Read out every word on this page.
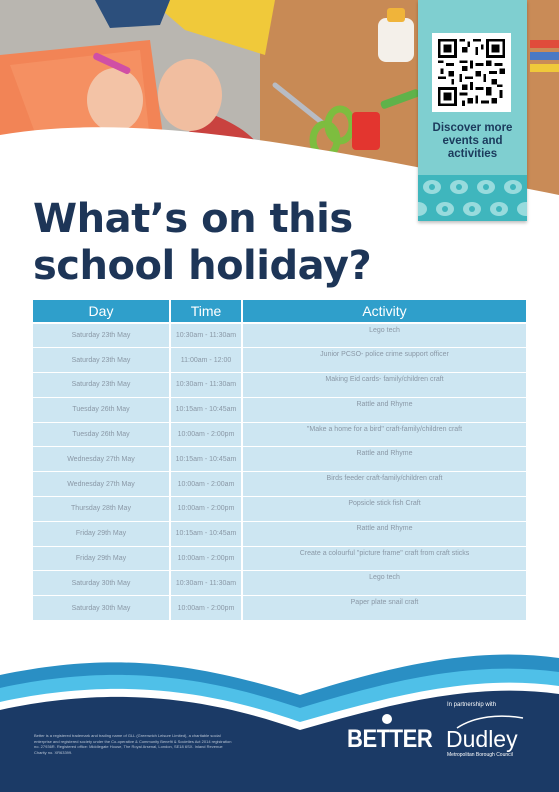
Discover more
events and
activities
What’s on this
school holiday?
Day	Time	Activity
Saturday 23th May	10:30am - 11:30am	Lego tech
Saturday 23th May	11:00am - 12:00	Junior PCSO- police crime support officer
Saturday 23th May	10:30am - 11:30am	Making Eid cards- family/children craft
Tuesday 26th May	10:15am - 10:45am	Rattle and Rhyme
Tuesday 26th May	10:00am - 2:00pm	"Make a home for a bird" craft-family/children craft
Wednesday 27th May	10:15am - 10:45am	Rattle and Rhyme
Wednesday 27th May	10:00am - 2:00am	Birds feeder craft-family/children craft
Thursday 28th May	10:00am - 2:00pm	Popsicle stick fish Craft
Friday 29th May	10:15am - 10:45am	Rattle and Rhyme
Friday 29th May	10:00am - 2:00pm	Create a colourful "picture frame" craft from craft sticks
Saturday 30th May	10:30am - 11:30am	Lego tech
Saturday 30th May	10:00am - 2:00pm	Paper plate snail craft
Better is a registered trademark and trading name of GLL (Greenwich Leisure Limited), a charitable social enterprise and registered society under the Co-operative & Community Benefit & Societies Act 2014 registration no. 27936R. Registered office: Middlegate House, The Royal Arsenal, London, SE18 6SX. Inland Revenue Charity no. XR63399.
In partnership with
BETTER Dudley
Metropolitan Borough Council
